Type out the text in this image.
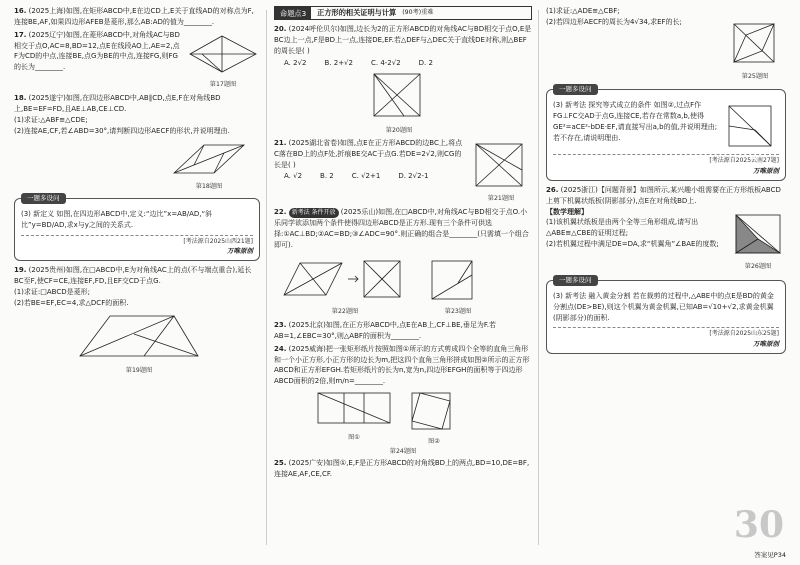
16. (2025上海)如图,在矩形ABCD中,E在边CD上,E关于直线AD的对称点为F,连接BE,AF,如果四边形AFEB是菱形,那么AB:AD的值为________.
17. (2025辽宁)如图,在菱形ABCD中,对角线AC与BD相交于点O,AC=8,BD=12,点E在线段AO上,AE=2,点F为CD的中点,连接BE,点G为BE的中点,连接FG,则FG的长为________.
第17题图
18. (2025遂宁)如图,在四边形ABCD中,AB∥CD,点E,F在对角线BD上,BE=EF=FD,且AE⊥AB,CE⊥CD.
(1)求证:△ABF≌△CDE;
(2)连接AE,CF,若∠ABD=30°,请判断四边形AECF的形状,并说明理由.
第18题图
一题多设问
(3) 新定义 如图,在四边形ABCD中,定义:“边比”x=AB/AD,“斜比”y=BD/AD,求x与y之间的关系式.
[考法源自2025山西21题]
万唯原创
19. (2025贵州)如图,在□ABCD中,E为对角线AC上的点(不与端点重合),延长BC至F,使CF=CE,连接EF,FD,且EF交CD于点G.
(1)求证:□ABCD是菱形;
(2)若BE=EF,EC=4,求△DCF的面积.
第19题图
命题点3	正方形的相关证明与计算 (90考)重难
20. (2024呼伦贝尔)如图,边长为2的正方形ABCD的对角线AC与BD相交于点O,E是BC边上一点,F是BD上一点,连接DE,EF.若△DEF与△DEC关于直线DE对称,则△BEF的周长是( )
A. 2√2	B. 2+√2	C. 4-2√2	D. 2
第20题图
21. (2025湖北省卷)如图,点E在正方形ABCD的边BC上,将点C落在BD上的点F处,折痕BE交AC于点G.若DE=2√2,则CG的长是( )
A. √2	B. 2	C. √2+1	D. 2√2-1
第21题图
22. 新考法 条件开放 (2025乐山)如图,在□ABCD中,对角线AC与BD相交于点O.小乐同学欲添加两个条件使得四边形ABCD是正方形.现有三个条件可供选择:①AC⊥BD;②AC=BD;③∠ADC=90°.则正确的组合是________(只需填一个组合即可).
第22题图	第23题图
23. (2025北京)如图,在正方形ABCD中,点E在AB上,CF⊥BE,垂足为F.若AB=1,∠EBC=30°,则△ABF的面积为________.
24. (2025威海)把一张矩形纸片按照如图①所示的方式剪成四个全等的直角三角形和一个小正方形,小正方形的边长为m,把这四个直角三角形拼成如图②所示的正方形ABCD和正方形EFGH.若矩形纸片的长为n,宽为n,四边形EFGH的面积等于四边形ABCD面积的2倍,则m/n=________.
图①
图②
第24题图
25. (2025广安)如图①,E,F是正方形ABCD的对角线BD上的两点,BD=10,DE=BF,连接AE,AF,CE,CF.
(1)求证:△ADE≌△CBF;
(2)若四边形AECF的周长为4√34,求EF的长;
第25题图
一题多设问
(3) 新考法 探究等式成立的条件 如图②,过点F作FG⊥FC交AD于点G,连接CE,若存在常数a,b,使得GE²=aCE²-bDE·EF,请直接写出a,b的值,并说明理由;若不存在,请说明理由.
[考法源自2025云南27题]
万唯原创
26. (2025浙江)【问题背景】如图所示,某兴趣小组需要在正方形纸板ABCD上剪下机翼状纸板(阴影部分),点E在对角线BD上.
【数学理解】
(1)该机翼状纸板是由两个全等三角形组成,请写出△ABE≌△CBE的证明过程;
(2)若机翼过程中满足DE=DA,求“机翼角”∠BAE的度数;
第26题图
一题多设问
(3) 新考法 融入黄金分割 若在裁剪的过程中,△ABE中的点E是BD的黄金分割点(DE>BE),则这个机翼为黄金机翼,已知AB=√10+√2,求黄金机翼(阴影部分)的面积.
[考法源自2025山东25题]
万唯原创
30
答案见P34
